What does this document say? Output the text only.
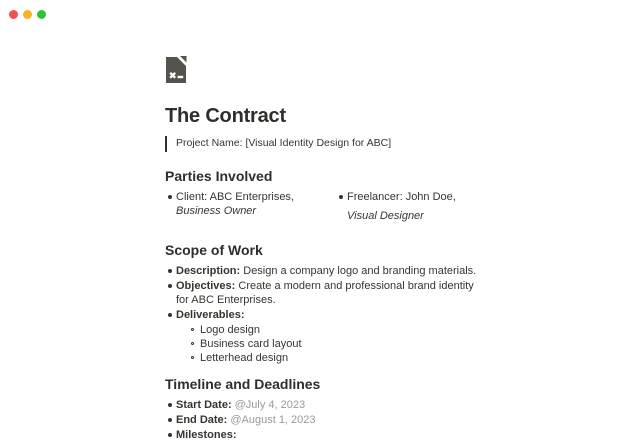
The Contract
Project Name: [Visual Identity Design for ABC]
Parties Involved
Client: ABC Enterprises,
Business Owner
Freelancer: John Doe,
Visual Designer
Scope of Work
Description: Design a company logo and branding materials.
Objectives: Create a modern and professional brand identity for ABC Enterprises.
Deliverables:
Logo design
Business card layout
Letterhead design
Timeline and Deadlines
Start Date: @July 4, 2023
End Date: @August 1, 2023
Milestones:
